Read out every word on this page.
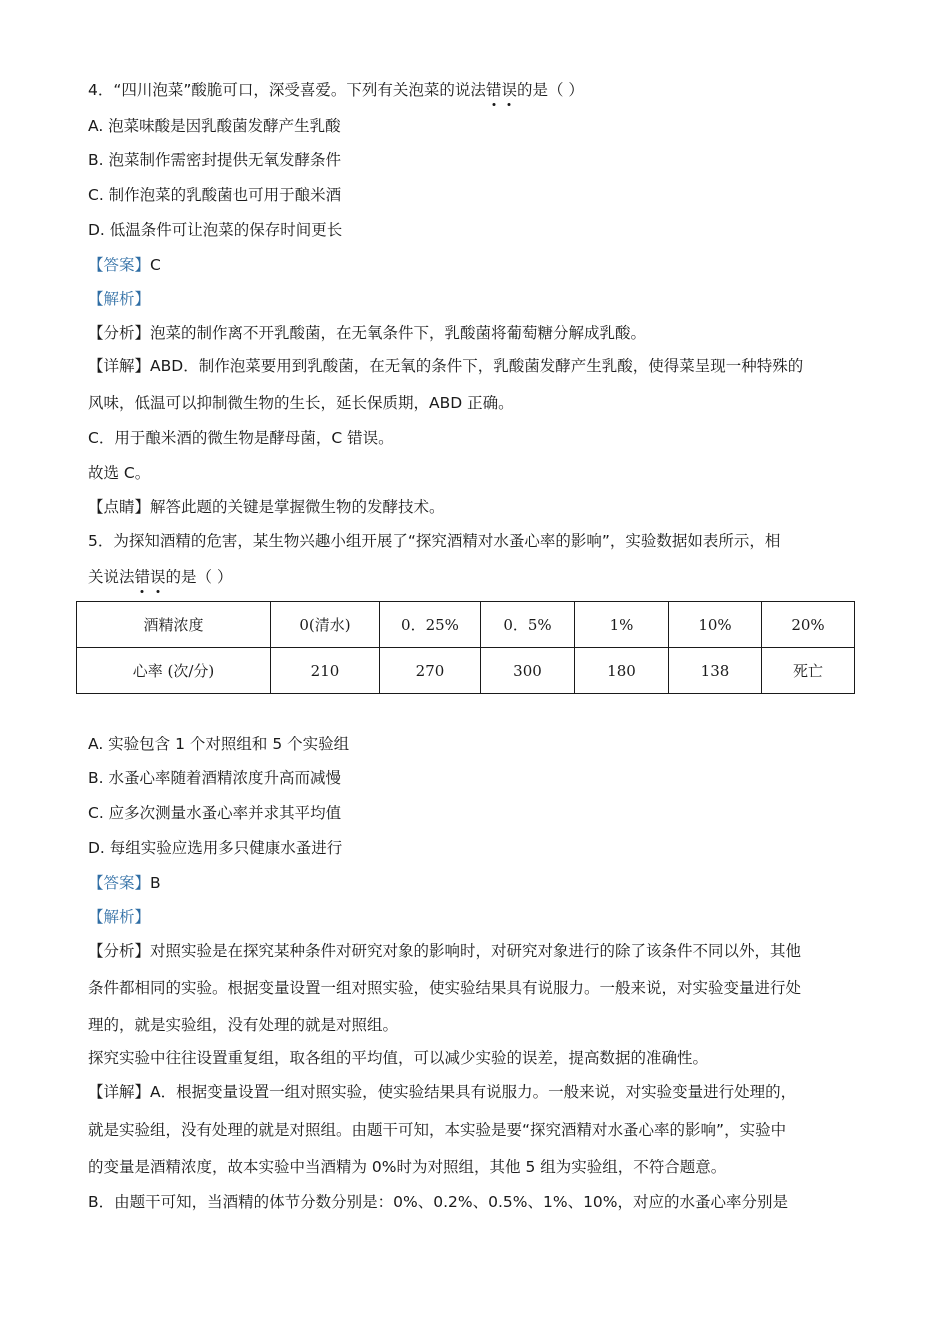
4．“四川泡菜”酸脆可口，深受喜爱。下列有关泡菜的说法错误的是（ ）
A. 泡菜味酸是因乳酸菌发酵产生乳酸
B. 泡菜制作需密封提供无氧发酵条件
C. 制作泡菜的乳酸菌也可用于酿米酒
D. 低温条件可让泡菜的保存时间更长
【答案】C
【解析】
【分析】泡菜的制作离不开乳酸菌，在无氧条件下，乳酸菌将葡萄糖分解成乳酸。
【详解】ABD．制作泡菜要用到乳酸菌，在无氧的条件下，乳酸菌发酵产生乳酸，使得菜呈现一种特殊的
风味，低温可以抑制微生物的生长，延长保质期，ABD 正确。
C．用于酿米酒的微生物是酵母菌，C 错误。
故选 C。
【点睛】解答此题的关键是掌握微生物的发酵技术。
5．为探知酒精的危害，某生物兴趣小组开展了“探究酒精对水蚤心率的影响”，实验数据如表所示，相
关说法错误的是（ ）
酒精浓度	0(清水)	0．25%	0．5%	1%	10%	20%
心率 (次/分)	210	270	300	180	138	死亡
A. 实验包含 1 个对照组和 5 个实验组
B. 水蚤心率随着酒精浓度升高而减慢
C. 应多次测量水蚤心率并求其平均值
D. 每组实验应选用多只健康水蚤进行
【答案】B
【解析】
【分析】对照实验是在探究某种条件对研究对象的影响时，对研究对象进行的除了该条件不同以外，其他
条件都相同的实验。根据变量设置一组对照实验，使实验结果具有说服力。一般来说，对实验变量进行处
理的，就是实验组，没有处理的就是对照组。
探究实验中往往设置重复组，取各组的平均值，可以减少实验的误差，提高数据的准确性。
【详解】A．根据变量设置一组对照实验，使实验结果具有说服力。一般来说，对实验变量进行处理的，
就是实验组，没有处理的就是对照组。由题干可知，本实验是要“探究酒精对水蚤心率的影响”，实验中
的变量是酒精浓度，故本实验中当酒精为 0%时为对照组，其他 5 组为实验组，不符合题意。
B．由题干可知，当酒精的体节分数分别是：0%、0.2%、0.5%、1%、10%，对应的水蚤心率分别是
